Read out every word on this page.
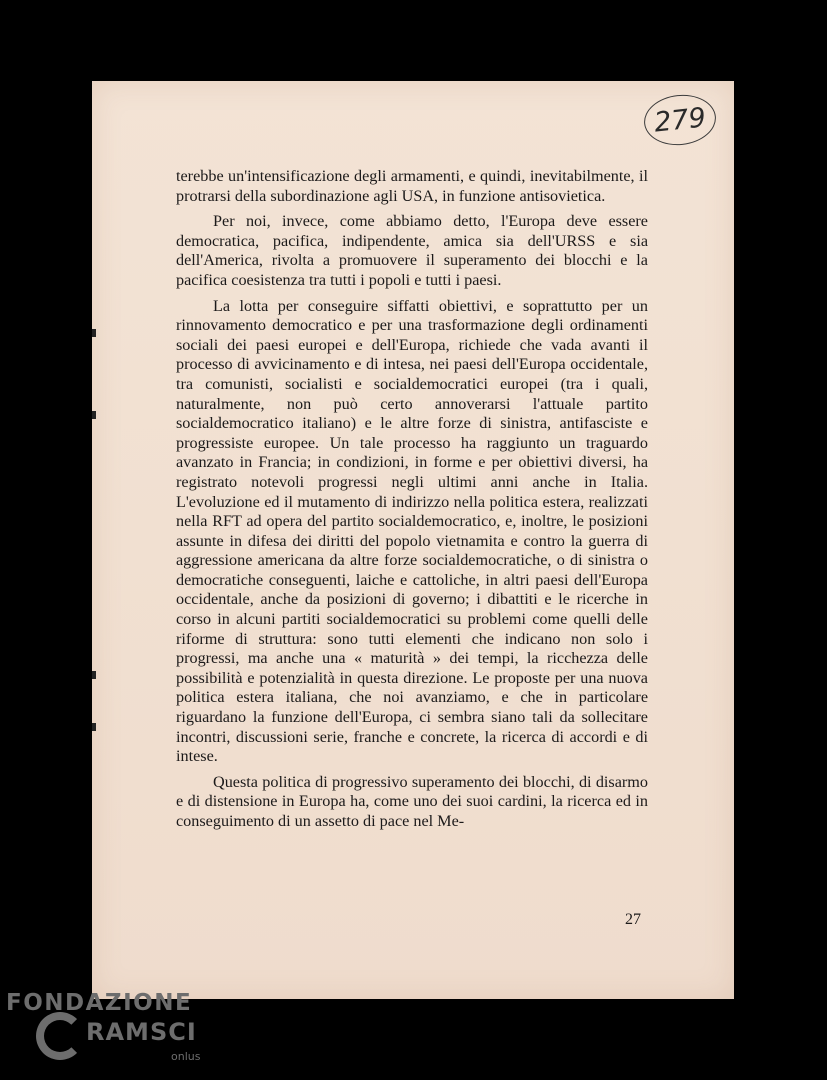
279

terebbe un'intensificazione degli armamenti, e quindi, inevitabilmente, il protrarsi della subordinazione agli USA, in funzione antisovietica.

Per noi, invece, come abbiamo detto, l'Europa deve essere democratica, pacifica, indipendente, amica sia dell'URSS e sia dell'America, rivolta a promuovere il superamento dei blocchi e la pacifica coesistenza tra tutti i popoli e tutti i paesi.

La lotta per conseguire siffatti obiettivi, e soprattutto per un rinnovamento democratico e per una trasformazione degli ordinamenti sociali dei paesi europei e dell'Europa, richiede che vada avanti il processo di avvicinamento e di intesa, nei paesi dell'Europa occidentale, tra comunisti, socialisti e socialdemocratici europei (tra i quali, naturalmente, non può certo annoverarsi l'attuale partito socialdemocratico italiano) e le altre forze di sinistra, antifasciste e progressiste europee. Un tale processo ha raggiunto un traguardo avanzato in Francia; in condizioni, in forme e per obiettivi diversi, ha registrato notevoli progressi negli ultimi anni anche in Italia. L'evoluzione ed il mutamento di indirizzo nella politica estera, realizzati nella RFT ad opera del partito socialdemocratico, e, inoltre, le posizioni assunte in difesa dei diritti del popolo vietnamita e contro la guerra di aggressione americana da altre forze socialdemocratiche, o di sinistra o democratiche conseguenti, laiche e cattoliche, in altri paesi dell'Europa occidentale, anche da posizioni di governo; i dibattiti e le ricerche in corso in alcuni partiti socialdemocratici su problemi come quelli delle riforme di struttura: sono tutti elementi che indicano non solo i progressi, ma anche una « maturità » dei tempi, la ricchezza delle possibilità e potenzialità in questa direzione. Le proposte per una nuova politica estera italiana, che noi avanziamo, e che in particolare riguardano la funzione dell'Europa, ci sembra siano tali da sollecitare incontri, discussioni serie, franche e concrete, la ricerca di accordi e di intese.

Questa politica di progressivo superamento dei blocchi, di disarmo e di distensione in Europa ha, come uno dei suoi cardini, la ricerca ed in conseguimento di un assetto di pace nel Me-

27
FONDAZIONE
RAMSCI
onlus
